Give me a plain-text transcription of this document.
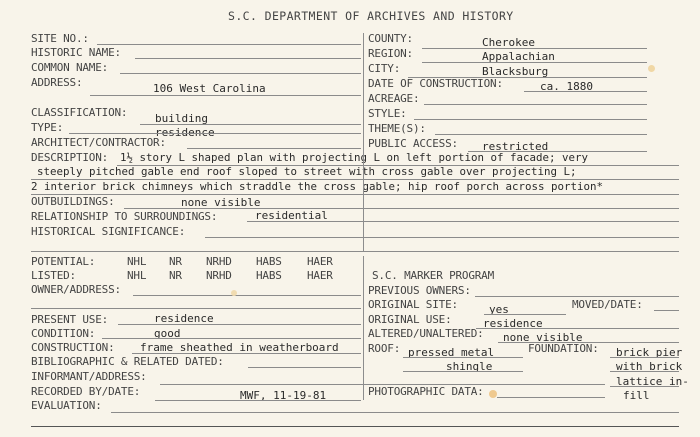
S.C. DEPARTMENT OF ARCHIVES AND HISTORY
SITE NO.:
HISTORIC NAME:
COMMON NAME:
ADDRESS:	106 West Carolina
COUNTY:	Cherokee
REGION:	Appalachian
CITY:	Blacksburg
DATE OF CONSTRUCTION:	ca. 1880
ACREAGE:
CLASSIFICATION:	building
TYPE:	residence
ARCHITECT/CONTRACTOR:
STYLE:
THEME(S):
PUBLIC ACCESS: restricted
DESCRIPTION: 1½ story L shaped plan with projecting L on left portion of facade; very
steeply pitched gable end roof sloped to street with cross gable over projecting L;
2 interior brick chimneys which straddle the cross gable; hip roof porch across portion*
OUTBUILDINGS:	none visible
RELATIONSHIP TO SURROUNDINGS:	residential
HISTORICAL SIGNIFICANCE:
POTENTIAL:	NHL NR NRHD HABS HAER
LISTED:	NHL NR NRHD HABS HAER
OWNER/ADDRESS:
S.C. MARKER PROGRAM
PREVIOUS OWNERS:
ORIGINAL SITE:	yes	MOVED/DATE:
ORIGINAL USE:	residence
ALTERED/UNALTERED: none visible
PRESENT USE:	residence
CONDITION:	good
CONSTRUCTION: frame sheathed in weatherboard	ROOF: pressed metal
shingle
FOUNDATION: brick pier
with brick
lattice in-
fill
BIBLIOGRAPHIC & RELATED DATED:
INFORMANT/ADDRESS:
RECORDED BY/DATE:	MWF, 11-19-81	PHOTOGRAPHIC DATA:
EVALUATION:
